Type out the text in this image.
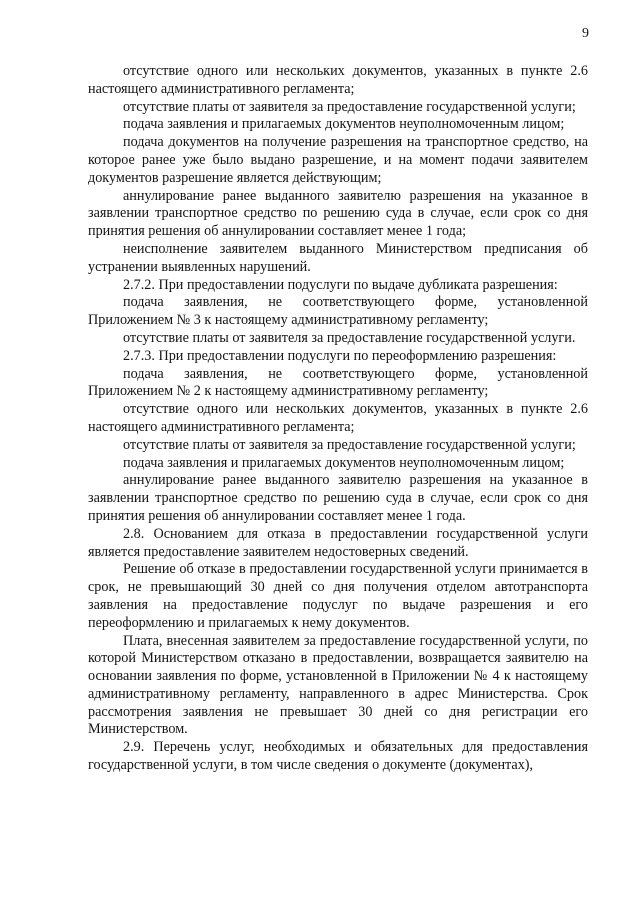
9

отсутствие одного или нескольких документов, указанных в пункте 2.6 настоящего административного регламента;

отсутствие платы от заявителя за предоставление государственной услуги;

подача заявления и прилагаемых документов неуполномоченным лицом;

подача документов на получение разрешения на транспортное средство, на которое ранее уже было выдано разрешение, и на момент подачи заявителем документов разрешение является действующим;

аннулирование ранее выданного заявителю разрешения на указанное в заявлении транспортное средство по решению суда в случае, если срок со дня принятия решения об аннулировании составляет менее 1 года;

неисполнение заявителем выданного Министерством предписания об устранении выявленных нарушений.

2.7.2. При предоставлении подуслуги по выдаче дубликата разрешения:

подача заявления, не соответствующего форме, установленной Приложением № 3 к настоящему административному регламенту;

отсутствие платы от заявителя за предоставление государственной услуги.

2.7.3. При предоставлении подуслуги по переоформлению разрешения:

подача заявления, не соответствующего форме, установленной Приложением № 2 к настоящему административному регламенту;

отсутствие одного или нескольких документов, указанных в пункте 2.6 настоящего административного регламента;

отсутствие платы от заявителя за предоставление государственной услуги;

подача заявления и прилагаемых документов неуполномоченным лицом;

аннулирование ранее выданного заявителю разрешения на указанное в заявлении транспортное средство по решению суда в случае, если срок со дня принятия решения об аннулировании составляет менее 1 года.

2.8. Основанием для отказа в предоставлении государственной услуги является предоставление заявителем недостоверных сведений.

Решение об отказе в предоставлении государственной услуги принимается в срок, не превышающий 30 дней со дня получения отделом автотранспорта заявления на предоставление подуслуг по выдаче разрешения и его переоформлению и прилагаемых к нему документов.

Плата, внесенная заявителем за предоставление государственной услуги, по которой Министерством отказано в предоставлении, возвращается заявителю на основании заявления по форме, установленной в Приложении № 4 к настоящему административному регламенту, направленного в адрес Министерства. Срок рассмотрения заявления не превышает 30 дней со дня регистрации его Министерством.

2.9. Перечень услуг, необходимых и обязательных для предоставления государственной услуги, в том числе сведения о документе (документах),
